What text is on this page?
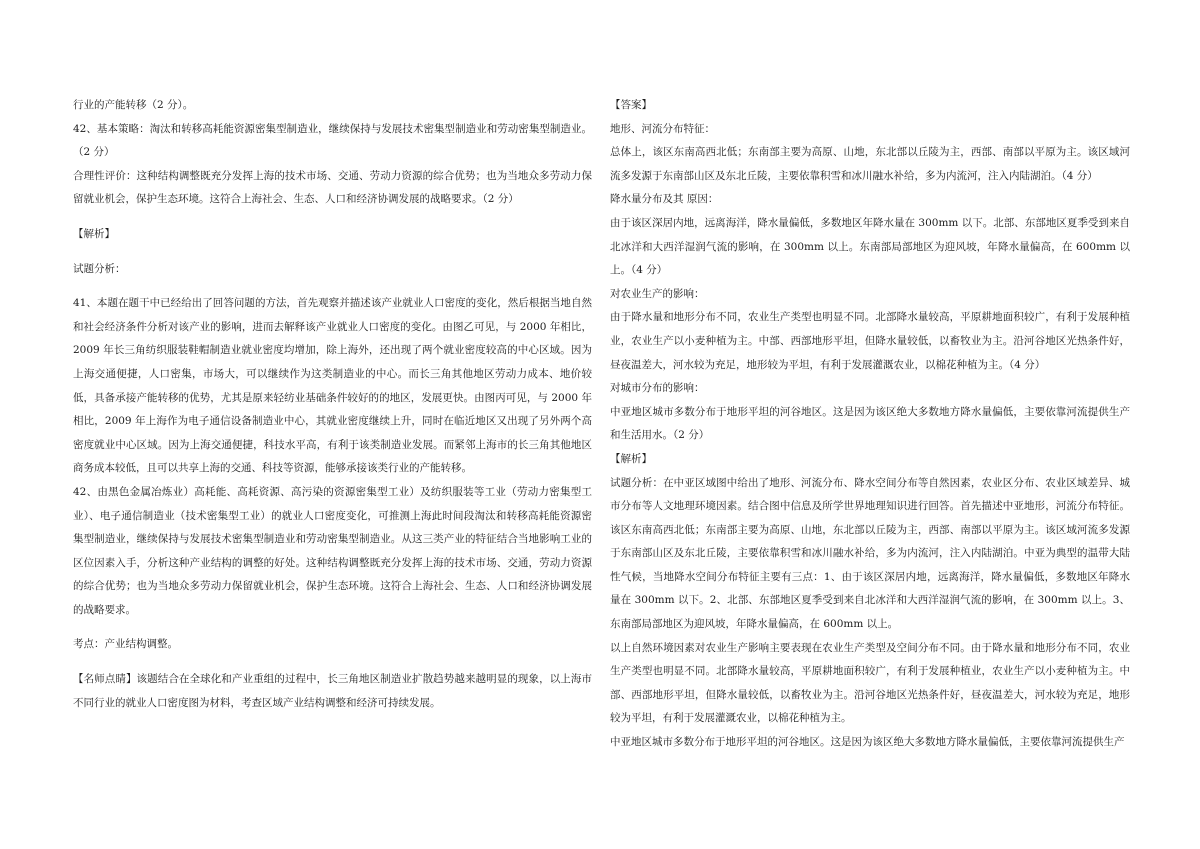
行业的产能转移（2 分）。

42、基本策略：淘汰和转移高耗能资源密集型制造业，继续保持与发展技术密集型制造业和劳动密集型制造业。（2 分）

合理性评价：这种结构调整既充分发挥上海的技术市场、交通、劳动力资源的综合优势；也为当地众多劳动力保留就业机会，保护生态环境。这符合上海社会、生态、人口和经济协调发展的战略要求。（2 分）

【解析】

试题分析：

41、本题在题干中已经给出了回答问题的方法，首先观察并描述该产业就业人口密度的变化，然后根据当地自然和社会经济条件分析对该产业的影响，进而去解释该产业就业人口密度的变化。由图乙可见，与 2000 年相比，2009 年长三角纺织服装鞋帽制造业就业密度均增加，除上海外，还出现了两个就业密度较高的中心区域。因为上海交通便捷，人口密集，市场大，可以继续作为这类制造业的中心。而长三角其他地区劳动力成本、地价较低，具备承接产能转移的优势，尤其是原来轻纺业基础条件较好的的地区，发展更快。由图丙可见，与 2000 年相比，2009 年上海作为电子通信设备制造业中心，其就业密度继续上升，同时在临近地区又出现了另外两个高密度就业中心区域。因为上海交通便捷，科技水平高，有利于该类制造业发展。而紧邻上海市的长三角其他地区商务成本较低，且可以共享上海的交通、科技等资源，能够承接该类行业的产能转移。

42、由黑色金属冶炼业）高耗能、高耗资源、高污染的资源密集型工业）及纺织服装等工业（劳动力密集型工业）、电子通信制造业（技术密集型工业）的就业人口密度变化，可推测上海此时间段淘汰和转移高耗能资源密集型制造业，继续保持与发展技术密集型制造业和劳动密集型制造业。从这三类产业的特征结合当地影响工业的区位因素入手，分析这种产业结构的调整的好处。这种结构调整既充分发挥上海的技术市场、交通，劳动力资源的综合优势；也为当地众多劳动力保留就业机会，保护生态环境。这符合上海社会、生态、人口和经济协调发展的战略要求。

考点：产业结构调整。

【名师点睛】该题结合在全球化和产业重组的过程中，长三角地区制造业扩散趋势越来越明显的现象，以上海市不同行业的就业人口密度图为材料，考查区域产业结构调整和经济可持续发展。

【答案】

地形、河流分布特征：

总体上，该区东南高西北低；东南部主要为高原、山地，东北部以丘陵为主，西部、南部以平原为主。该区域河流多发源于东南部山区及东北丘陵，主要依靠积雪和冰川融水补给，多为内流河，注入内陆湖泊。（4 分）

降水量分布及其 原因：

由于该区深居内地，远离海洋，降水量偏低，多数地区年降水量在 300mm 以下。北部、东部地区夏季受到来自北冰洋和大西洋湿润气流的影响，在 300mm 以上。东南部局部地区为迎风坡，年降水量偏高，在 600mm 以上。（4 分）

对农业生产的影响：

由于降水量和地形分布不同，农业生产类型也明显不同。北部降水量较高，平原耕地面积较广，有利于发展种植业，农业生产以小麦种植为主。中部、西部地形平坦，但降水量较低，以畜牧业为主。沿河谷地区光热条件好，昼夜温差大，河水较为充足，地形较为平坦，有利于发展灌溉农业，以棉花种植为主。（4 分）

对城市分布的影响：

中亚地区城市多数分布于地形平坦的河谷地区。这是因为该区绝大多数地方降水量偏低，主要依靠河流提供生产和生活用水。（2 分）

【解析】

试题分析：在中亚区域图中给出了地形、河流分布、降水空间分布等自然因素，农业区分布、农业区域差异、城市分布等人文地理环境因素。结合图中信息及所学世界地理知识进行回答。首先描述中亚地形，河流分布特征。该区东南高西北低；东南部主要为高原、山地，东北部以丘陵为主，西部、南部以平原为主。该区域河流多发源于东南部山区及东北丘陵，主要依靠积雪和冰川融水补给，多为内流河，注入内陆湖泊。中亚为典型的温带大陆性气候，当地降水空间分布特征主要有三点：1、由于该区深居内地，远离海洋，降水量偏低，多数地区年降水量在 300mm 以下。2、北部、东部地区夏季受到来自北冰洋和大西洋湿润气流的影响，在 300mm 以上。3、东南部局部地区为迎风坡，年降水量偏高，在 600mm 以上。

以上自然环境因素对农业生产影响主要表现在农业生产类型及空间分布不同。由于降水量和地形分布不同，农业生产类型也明显不同。北部降水量较高，平原耕地面积较广，有利于发展种植业，农业生产以小麦种植为主。中部、西部地形平坦，但降水量较低，以畜牧业为主。沿河谷地区光热条件好，昼夜温差大，河水较为充足，地形较为平坦，有利于发展灌溉农业，以棉花种植为主。

中亚地区城市多数分布于地形平坦的河谷地区。这是因为该区绝大多数地方降水量偏低，主要依靠河流提供生产
